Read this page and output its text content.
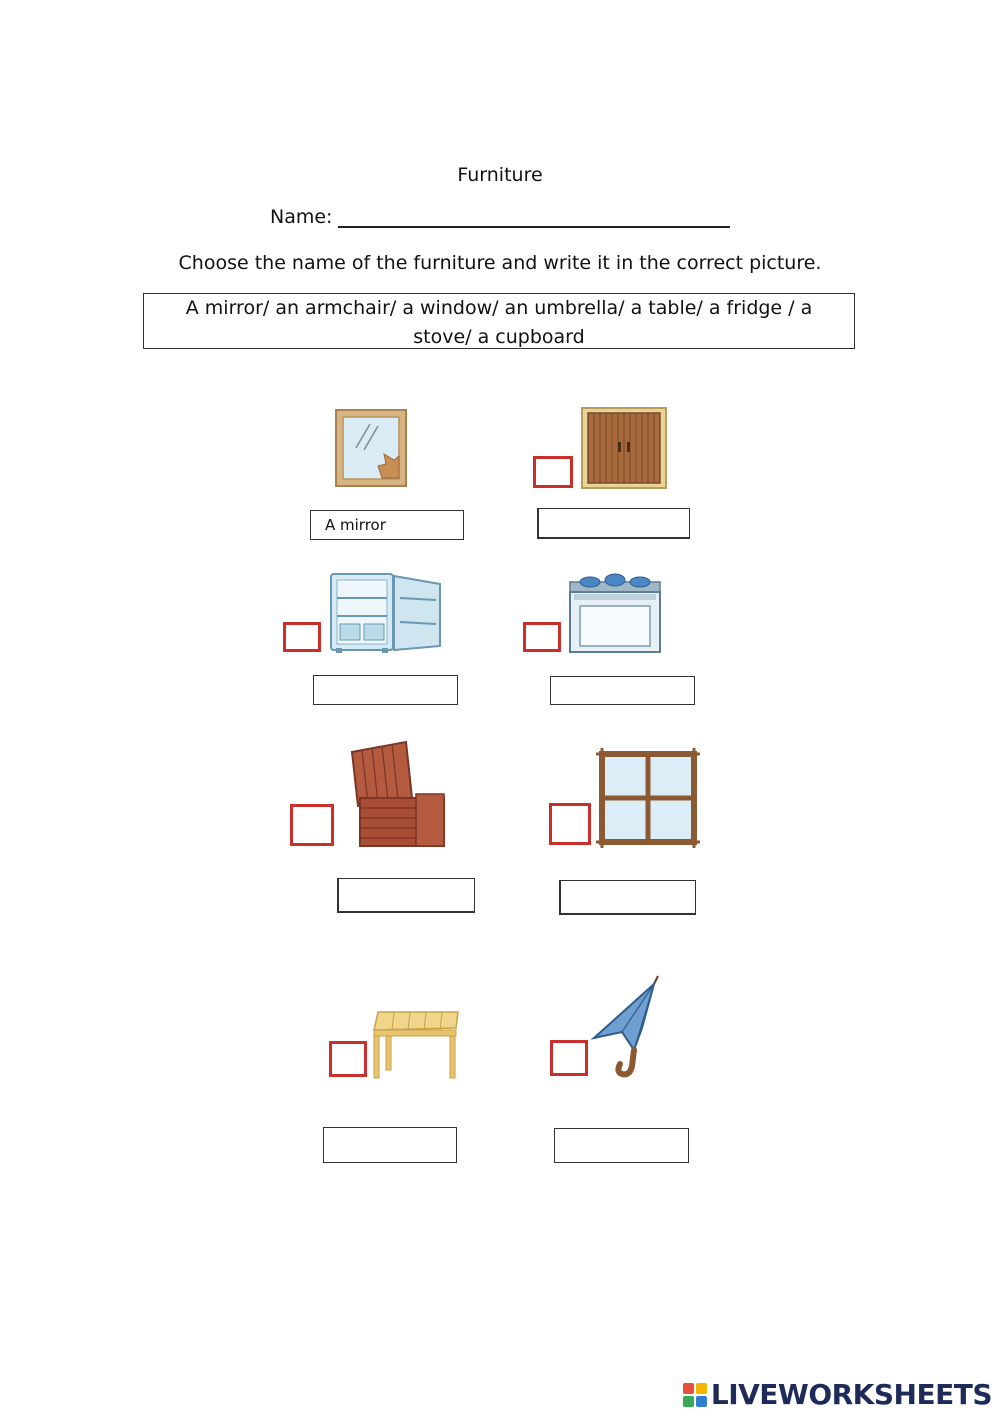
Furniture
Name:
Choose the name of the furniture and write it in the correct picture.
A mirror/ an armchair/ a window/ an umbrella/ a table/ a fridge / a
stove/ a cupboard
A mirror
LIVEWORKSHEETS
